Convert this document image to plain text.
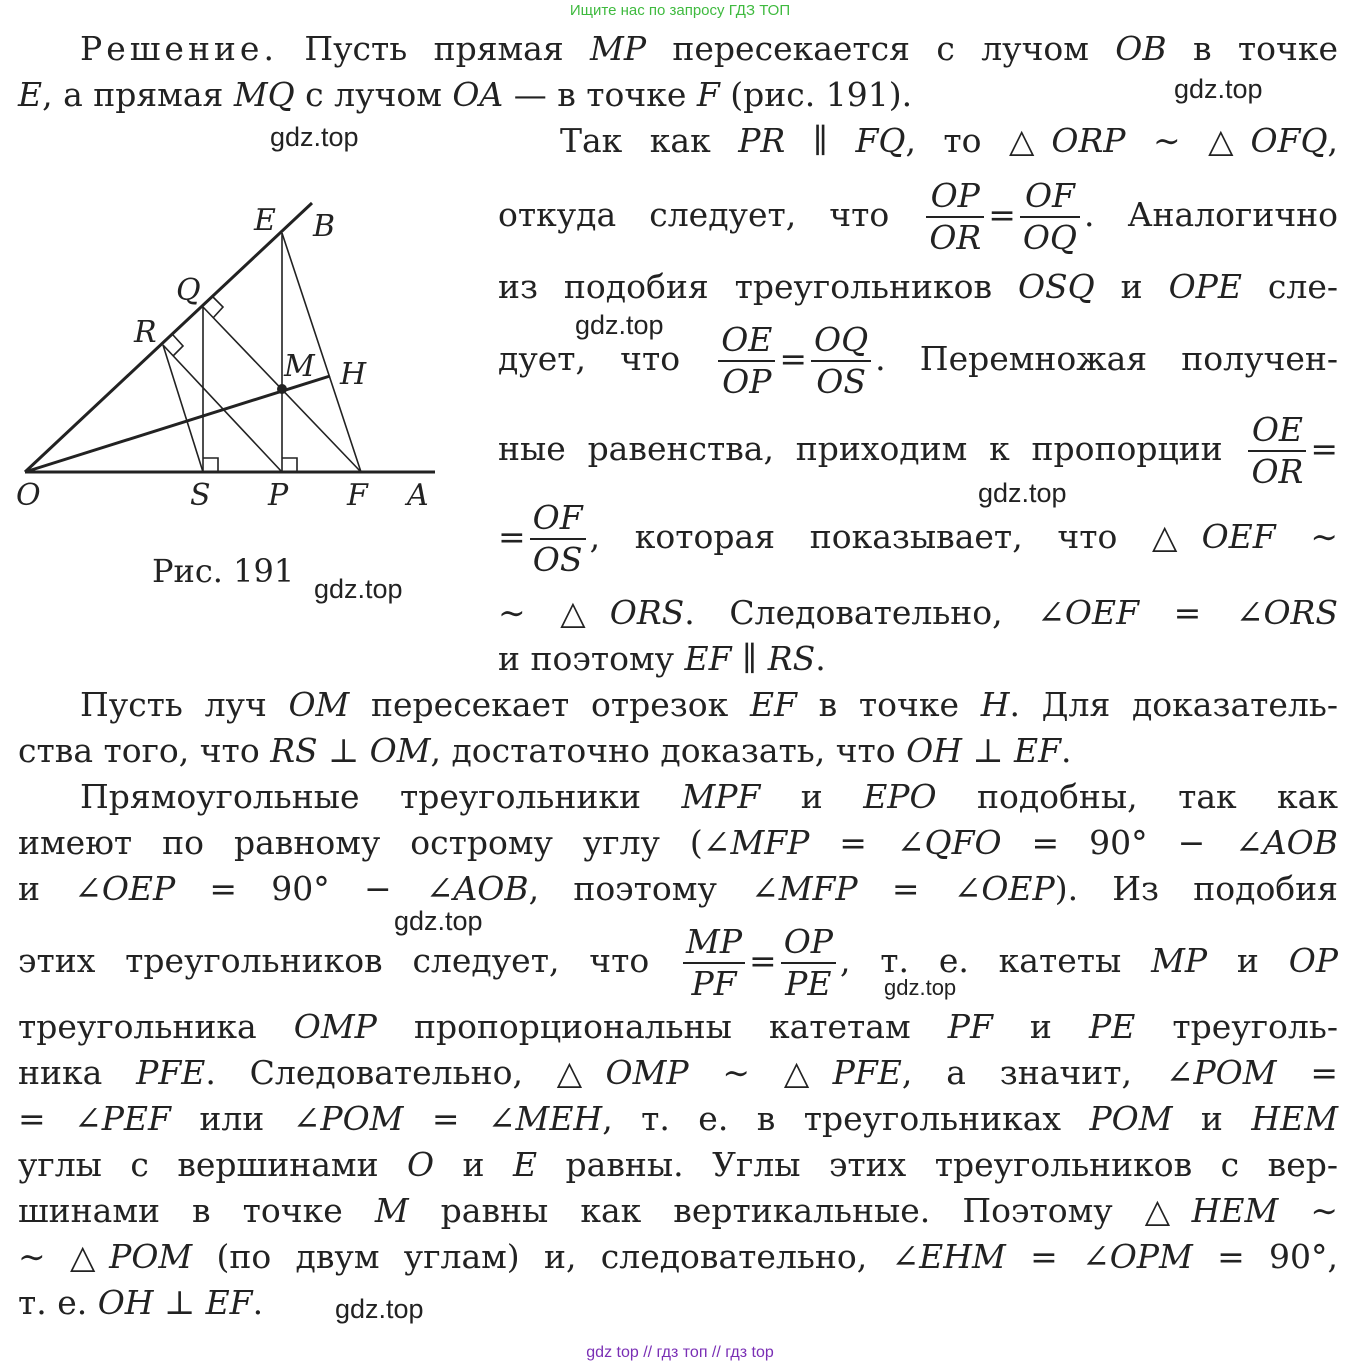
Ищите нас по запросу ГДЗ ТОП
Решение. Пусть прямая MP пересекается с лучом OB в точке
E, а прямая MQ с лучом OA — в точке F (рис. 191).
O	S P F A
E B
Q
R
M H
Рис. 191
Так как PR ∥ FQ, то △ORP ∼ △OFQ,
откуда следует, что $\frac{OP}{OR} = \frac{OF}{OQ}$ . Аналогично
из подобия треугольников OSQ и OPE сле-
дует, что $\frac{OE}{OP} = \frac{OQ}{OS}$ . Перемножая получен-
ные равенства, приходим к пропорции $\frac{OE}{OR}$ =
= $\frac{OF}{OS}$ , которая показывает, что △OEF ∼
∼ △ORS. Следовательно, ∠OEF = ∠ORS
и поэтому EF ∥ RS.
Пусть луч OM пересекает отрезок EF в точке H. Для доказатель-
ства того, что RS ⊥ OM, достаточно доказать, что OH ⊥ EF.
Прямоугольные треугольники MPF и EPO подобны, так как
имеют по равному острому углу (∠MFP = ∠QFO = 90° − ∠AOB
и ∠OEP = 90° − ∠AOB, поэтому ∠MFP = ∠OEP). Из подобия
этих треугольников следует, что $\frac{MP}{PF} = \frac{OP}{PE}$ , т. е. катеты MP и OP
треугольника OMP пропорциональны катетам PF и PE треуголь-
ника PFE. Следовательно, △OMP ∼ △PFE, а значит, ∠POM =
= ∠PEF или ∠POM = ∠MEH, т. е. в треугольниках POM и HEM
углы с вершинами O и E равны. Углы этих треугольников с вер-
шинами в точке M равны как вертикальные. Поэтому △HEM ∼
∼ △POM (по двум углам) и, следовательно, ∠EHM = ∠OPM = 90°,
т. е. OH ⊥ EF.
gdz.top
gdz.top
gdz.top
gdz.top
gdz.top
gdz.top
gdz.top
gdz.top
gdz top // гдз топ // гдз top
